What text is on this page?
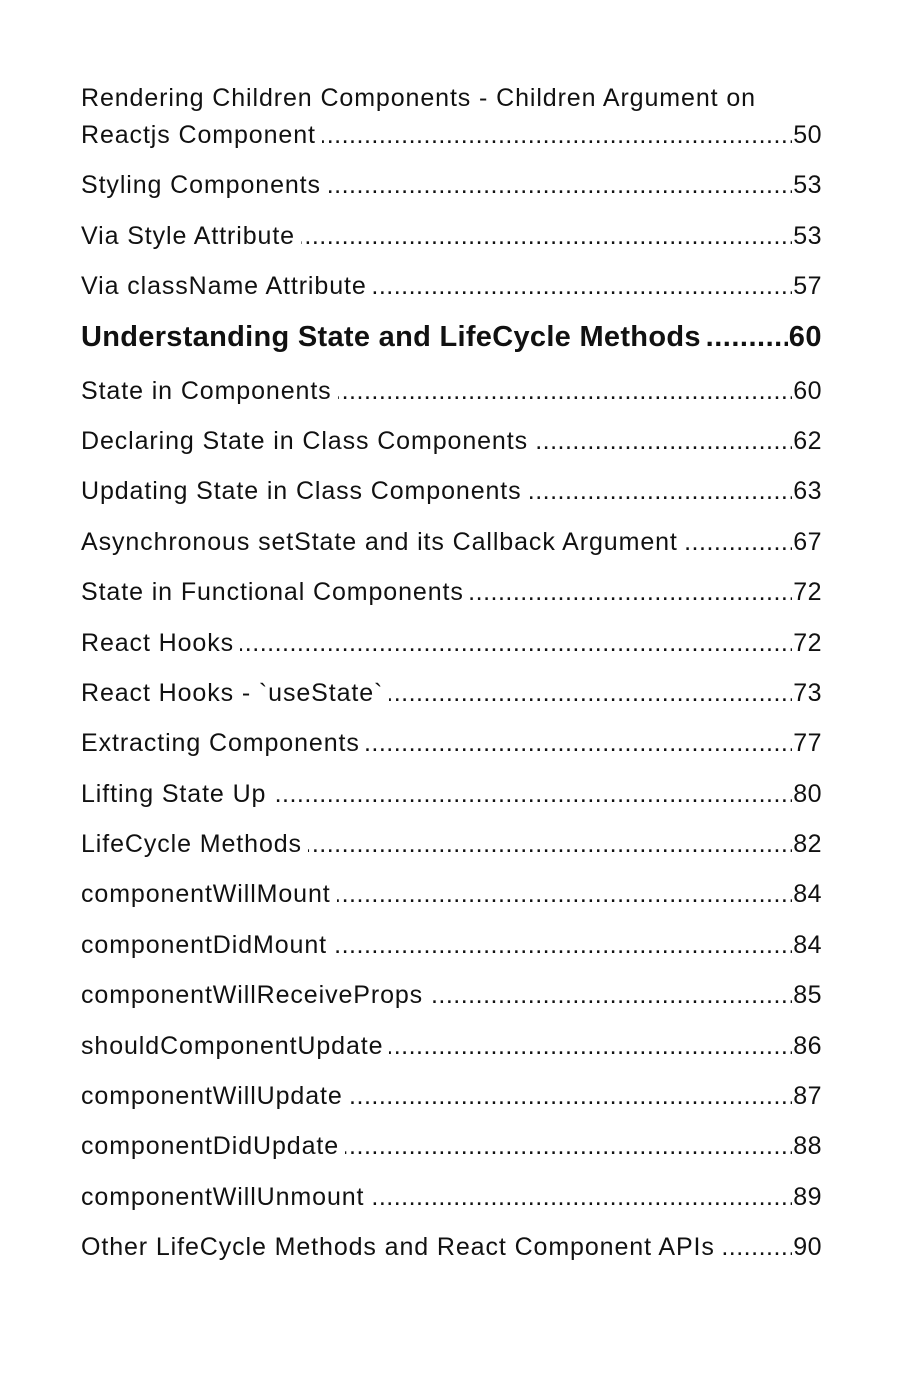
Rendering Children Components - Children Argument on Reactjs Component .....	50
Styling Components .....	53
Via Style Attribute .....	53
Via className Attribute .....	57
Understanding State and LifeCycle Methods .....	60
State in Components .....	60
Declaring State in Class Components .....	62
Updating State in Class Components .....	63
Asynchronous setState and its Callback Argument .....	67
State in Functional Components .....	72
React Hooks .....	72
React Hooks - `useState` .....	73
Extracting Components .....	77
Lifting State Up .....	80
LifeCycle Methods .....	82
componentWillMount .....	84
componentDidMount .....	84
componentWillReceiveProps .....	85
shouldComponentUpdate .....	86
componentWillUpdate .....	87
componentDidUpdate .....	88
componentWillUnmount .....	89
Other LifeCycle Methods and React Component APIs .....	90
